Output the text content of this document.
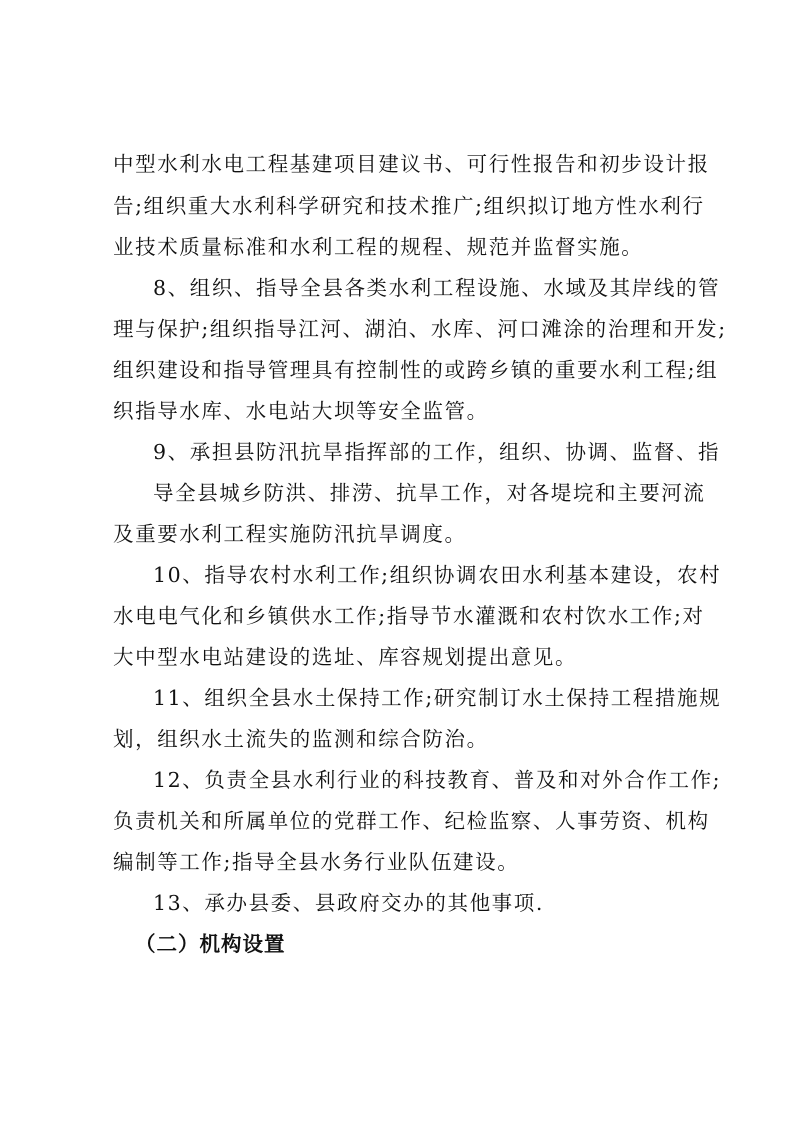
中型水利水电工程基建项目建议书、可行性报告和初步设计报
告;组织重大水利科学研究和技术推广;组织拟订地方性水利行
业技术质量标准和水利工程的规程、规范并监督实施。
8、组织、指导全县各类水利工程设施、水域及其岸线的管
理与保护;组织指导江河、湖泊、水库、河口滩涂的治理和开发;
组织建设和指导管理具有控制性的或跨乡镇的重要水利工程;组
织指导水库、水电站大坝等安全监管。
9、承担县防汛抗旱指挥部的工作，组织、协调、监督、指
导全县城乡防洪、排涝、抗旱工作，对各堤垸和主要河流
及重要水利工程实施防汛抗旱调度。
10、指导农村水利工作;组织协调农田水利基本建设，农村
水电电气化和乡镇供水工作;指导节水灌溉和农村饮水工作;对
大中型水电站建设的选址、库容规划提出意见。
11、组织全县水土保持工作;研究制订水土保持工程措施规
划，组织水土流失的监测和综合防治。
12、负责全县水利行业的科技教育、普及和对外合作工作;
负责机关和所属单位的党群工作、纪检监察、人事劳资、机构
编制等工作;指导全县水务行业队伍建设。
13、承办县委、县政府交办的其他事项.
（二）机构设置
